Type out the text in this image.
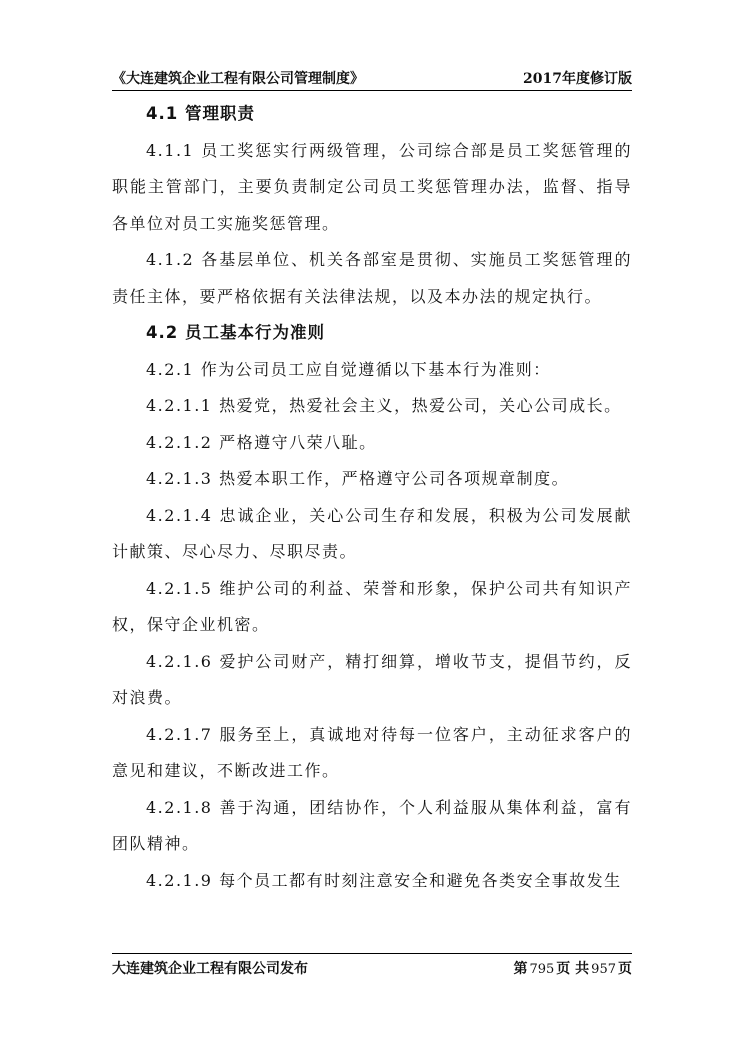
《大连建筑企业工程有限公司管理制度》	2017年度修订版

4.1 管理职责

4.1.1 员工奖惩实行两级管理，公司综合部是员工奖惩管理的职能主管部门，主要负责制定公司员工奖惩管理办法，监督、指导各单位对员工实施奖惩管理。

4.1.2 各基层单位、机关各部室是贯彻、实施员工奖惩管理的责任主体，要严格依据有关法律法规，以及本办法的规定执行。

4.2 员工基本行为准则

4.2.1 作为公司员工应自觉遵循以下基本行为准则：

4.2.1.1 热爱党，热爱社会主义，热爱公司，关心公司成长。

4.2.1.2 严格遵守八荣八耻。

4.2.1.3 热爱本职工作，严格遵守公司各项规章制度。

4.2.1.4 忠诚企业，关心公司生存和发展，积极为公司发展献计献策、尽心尽力、尽职尽责。

4.2.1.5 维护公司的利益、荣誉和形象，保护公司共有知识产权，保守企业机密。

4.2.1.6 爱护公司财产，精打细算，增收节支，提倡节约，反对浪费。

4.2.1.7 服务至上，真诚地对待每一位客户，主动征求客户的意见和建议，不断改进工作。

4.2.1.8 善于沟通，团结协作，个人利益服从集体利益，富有团队精神。

4.2.1.9 每个员工都有时刻注意安全和避免各类安全事故发生

大连建筑企业工程有限公司发布	第 795 页 共 957 页
